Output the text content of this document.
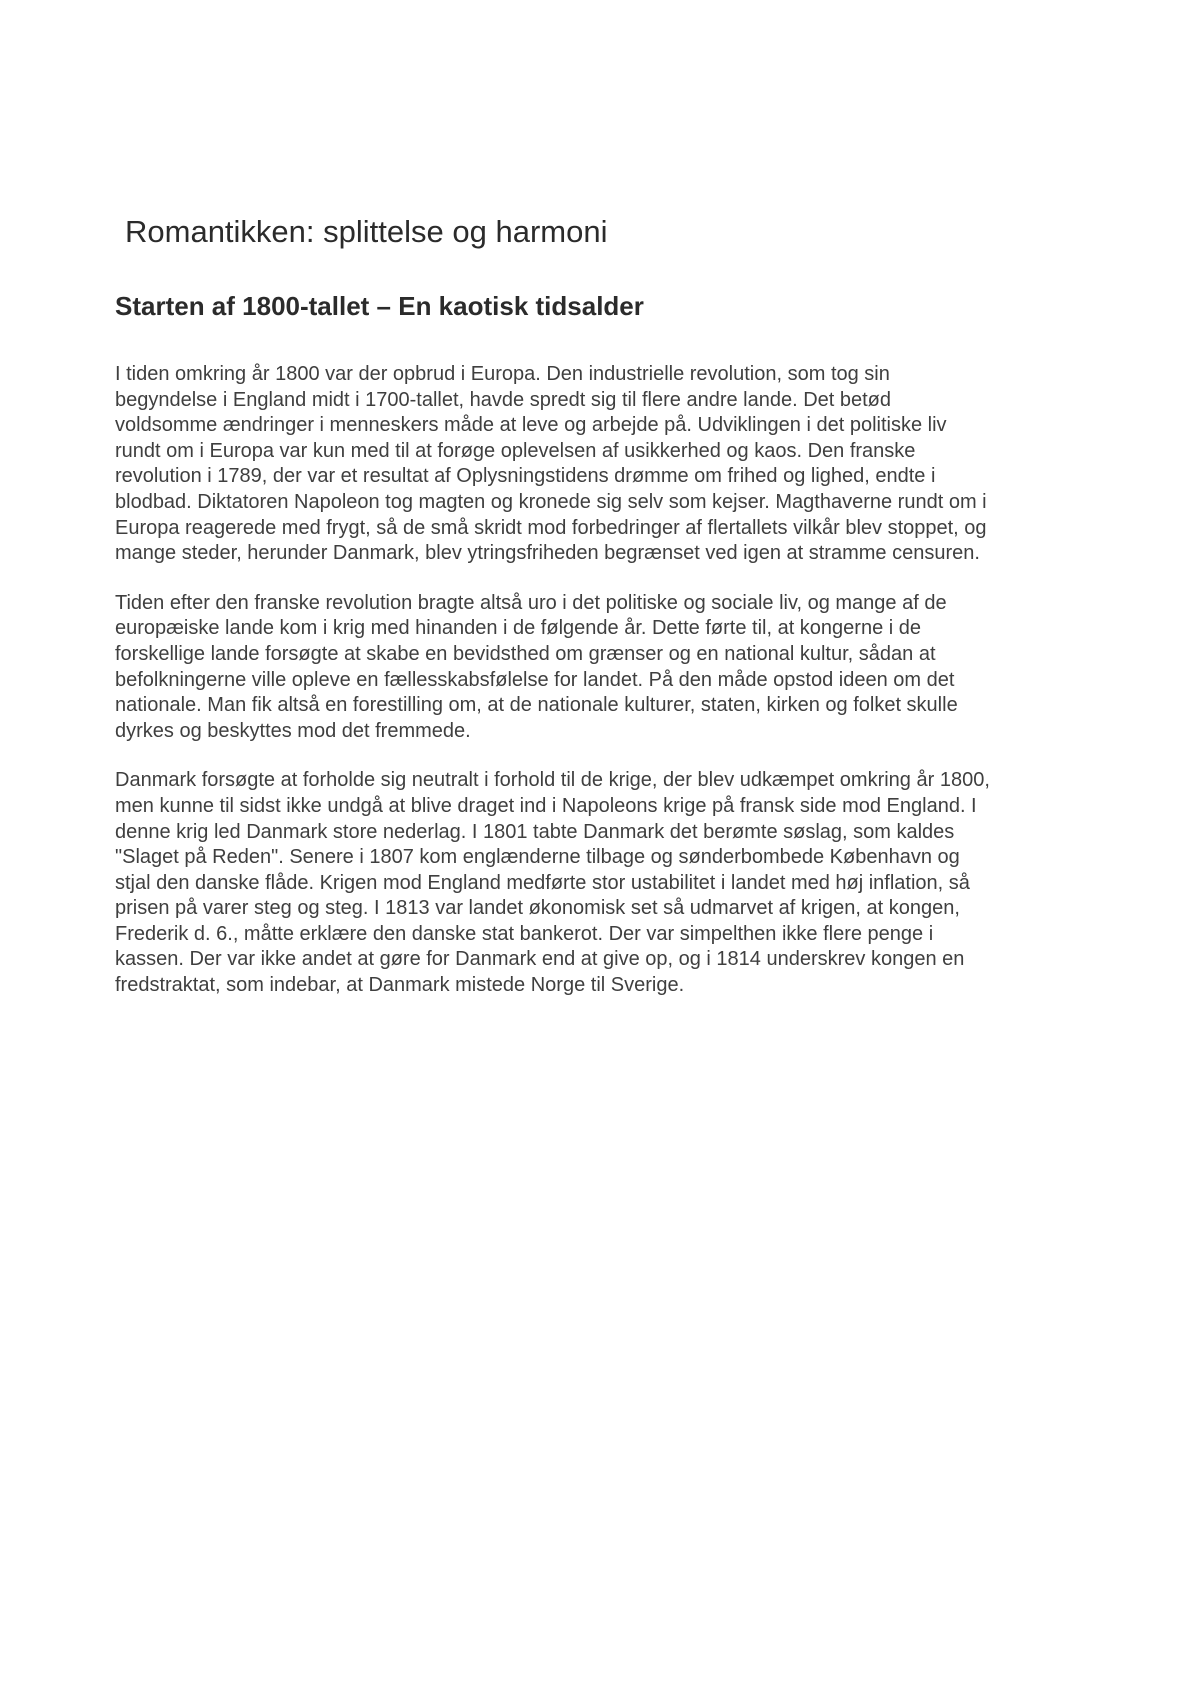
Romantikken: splittelse og harmoni
Starten af 1800-tallet – En kaotisk tidsalder

I tiden omkring år 1800 var der opbrud i Europa. Den industrielle revolution, som tog sin
begyndelse i England midt i 1700-tallet, havde spredt sig til flere andre lande. Det betød
voldsomme ændringer i menneskers måde at leve og arbejde på. Udviklingen i det politiske liv
rundt om i Europa var kun med til at forøge oplevelsen af usikkerhed og kaos. Den franske
revolution i 1789, der var et resultat af Oplysningstidens drømme om frihed og lighed, endte i
blodbad. Diktatoren Napoleon tog magten og kronede sig selv som kejser. Magthaverne rundt om i
Europa reagerede med frygt, så de små skridt mod forbedringer af flertallets vilkår blev stoppet, og
mange steder, herunder Danmark, blev ytringsfriheden begrænset ved igen at stramme censuren.

Tiden efter den franske revolution bragte altså uro i det politiske og sociale liv, og mange af de
europæiske lande kom i krig med hinanden i de følgende år. Dette førte til, at kongerne i de
forskellige lande forsøgte at skabe en bevidsthed om grænser og en national kultur, sådan at
befolkningerne ville opleve en fællesskabsfølelse for landet. På den måde opstod ideen om det
nationale. Man fik altså en forestilling om, at de nationale kulturer, staten, kirken og folket skulle
dyrkes og beskyttes mod det fremmede.

Danmark forsøgte at forholde sig neutralt i forhold til de krige, der blev udkæmpet omkring år 1800,
men kunne til sidst ikke undgå at blive draget ind i Napoleons krige på fransk side mod England. I
denne krig led Danmark store nederlag. I 1801 tabte Danmark det berømte søslag, som kaldes
"Slaget på Reden". Senere i 1807 kom englænderne tilbage og sønderbombede København og
stjal den danske flåde. Krigen mod England medførte stor ustabilitet i landet med høj inflation, så
prisen på varer steg og steg. I 1813 var landet økonomisk set så udmarvet af krigen, at kongen,
Frederik d. 6., måtte erklære den danske stat bankerot. Der var simpelthen ikke flere penge i
kassen. Der var ikke andet at gøre for Danmark end at give op, og i 1814 underskrev kongen en
fredstraktat, som indebar, at Danmark mistede Norge til Sverige.
